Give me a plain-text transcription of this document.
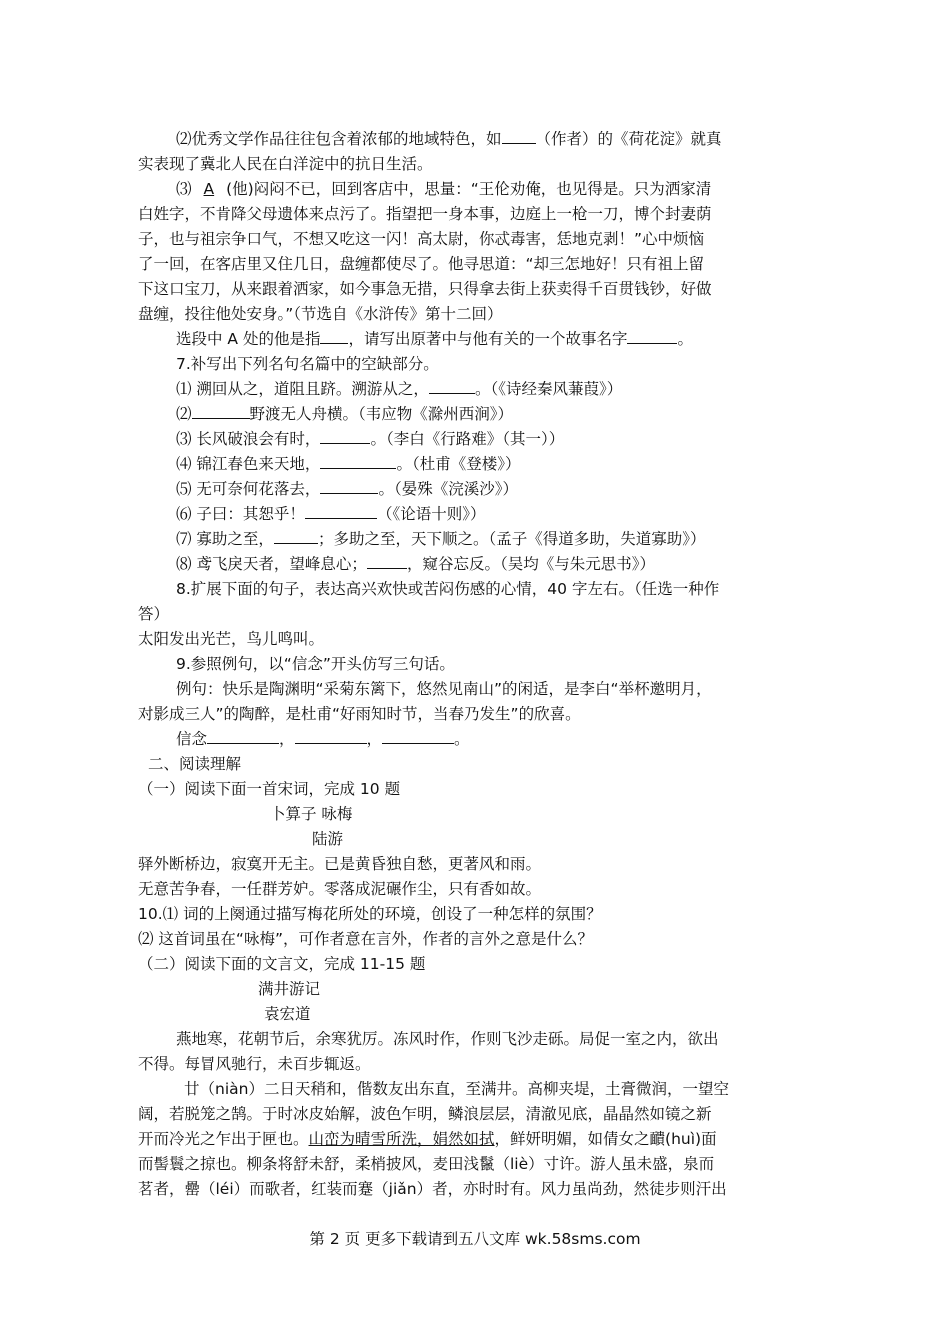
⑵优秀文学作品往往包含着浓郁的地域特色，如 （作者）的《荷花淀》就真
实表现了冀北人民在白洋淀中的抗日生活。
⑶ A (他)闷闷不已，回到客店中，思量：“王伦劝俺，也见得是。只为洒家清
白姓字，不肯降父母遗体来点污了。指望把一身本事，边庭上一枪一刀，博个封妻荫
子，也与祖宗争口气，不想又吃这一闪！高太尉，你忒毒害，恁地克剥！”心中烦恼
了一回，在客店里又住几日，盘缠都使尽了。他寻思道：“却三怎地好！只有祖上留
下这口宝刀，从来跟着洒家，如今事急无措，只得拿去街上获卖得千百贯钱钞，好做
盘缠，投往他处安身。”（节选自《水浒传》第十二回）
选段中 A 处的他是指 ，请写出原著中与他有关的一个故事名字	。
7.补写出下列名句名篇中的空缺部分。
⑴ 溯回从之，道阻且跻。溯游从之，	。（《诗经秦风蒹葭》）
⑵	野渡无人舟横。（韦应物《滁州西涧》）
⑶ 长风破浪会有时，	。（李白《行路难》（其一））
⑷ 锦江春色来天地，	。（杜甫《登楼》）
⑸ 无可奈何花落去，	。（晏殊《浣溪沙》）
⑹ 子曰：其恕乎！	（《论语十则》）
⑺ 寡助之至，	；多助之至，天下顺之。（孟子《得道多助，失道寡助》）
⑻ 鸢飞戾天者，望峰息心；	，窥谷忘反。（吴均《与朱元思书》）
8.扩展下面的句子，表达高兴欢快或苦闷伤感的心情，40 字左右。（任选一种作
答）
太阳发出光芒，鸟儿鸣叫。
9.参照例句，以“信念”开头仿写三句话。
例句：快乐是陶渊明“采菊东篱下，悠然见南山”的闲适，是李白“举杯邀明月，
对影成三人”的陶醉，是杜甫“好雨知时节，当春乃发生”的欣喜。
信念	，	，	。
二、阅读理解
（一）阅读下面一首宋词，完成 10 题
卜算子 咏梅
陆游
驿外断桥边，寂寞开无主。已是黄昏独自愁，更著风和雨。
无意苦争春，一任群芳妒。零落成泥碾作尘，只有香如故。
10.⑴ 词的上阕通过描写梅花所处的环境，创设了一种怎样的氛围？
⑵ 这首词虽在“咏梅”，可作者意在言外，作者的言外之意是什么？
（二）阅读下面的文言文，完成 11-15 题
满井游记
袁宏道
燕地寒，花朝节后，余寒犹厉。冻风时作，作则飞沙走砾。局促一室之内，欲出
不得。每冒风驰行，未百步辄返。
廿（niàn）二日天稍和，偕数友出东直，至满井。高柳夹堤，土膏微润，一望空
阔，若脱笼之鹄。于时冰皮始解，波色乍明，鳞浪层层，清澈见底，晶晶然如镜之新
开而冷光之乍出于匣也。山峦为晴雪所洗，娟然如拭，鲜妍明媚，如倩女之靧(huì)面
而髻鬟之掠也。柳条将舒未舒，柔梢披风，麦田浅鬣（liè）寸许。游人虽未盛，泉而
茗者，罍（léi）而歌者，红装而蹇（jiǎn）者，亦时时有。风力虽尚劲，然徒步则汗出
第 2 页 更多下载请到五八文库 wk.58sms.com
